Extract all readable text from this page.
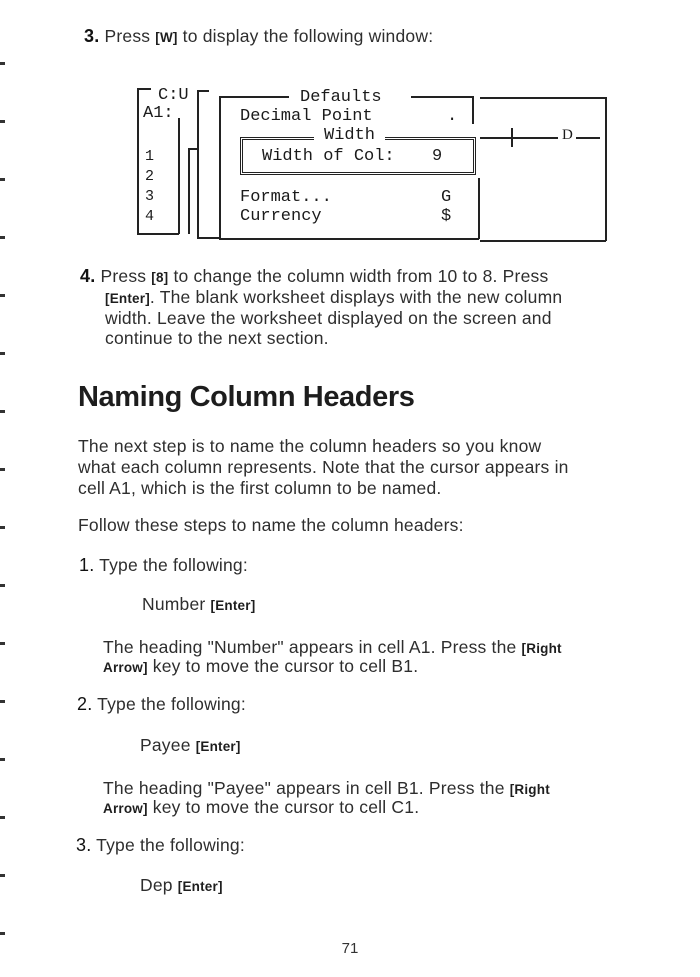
3. Press [W] to display the following window:
C:U
A1:
1
2
3
4
Defaults
Decimal Point	.
Width
Width of Col: 9
Format...	G
Currency	$
D
4. Press [8] to change the column width from 10 to 8. Press
[Enter]. The blank worksheet displays with the new column
width. Leave the worksheet displayed on the screen and
continue to the next section.
Naming Column Headers
The next step is to name the column headers so you know
what each column represents. Note that the cursor appears in
cell A1, which is the first column to be named.
Follow these steps to name the column headers:
1. Type the following:
Number [Enter]
The heading "Number" appears in cell A1. Press the [Right
Arrow] key to move the cursor to cell B1.
2. Type the following:
Payee [Enter]
The heading "Payee" appears in cell B1. Press the [Right
Arrow] key to move the cursor to cell C1.
3. Type the following:
Dep [Enter]
71
